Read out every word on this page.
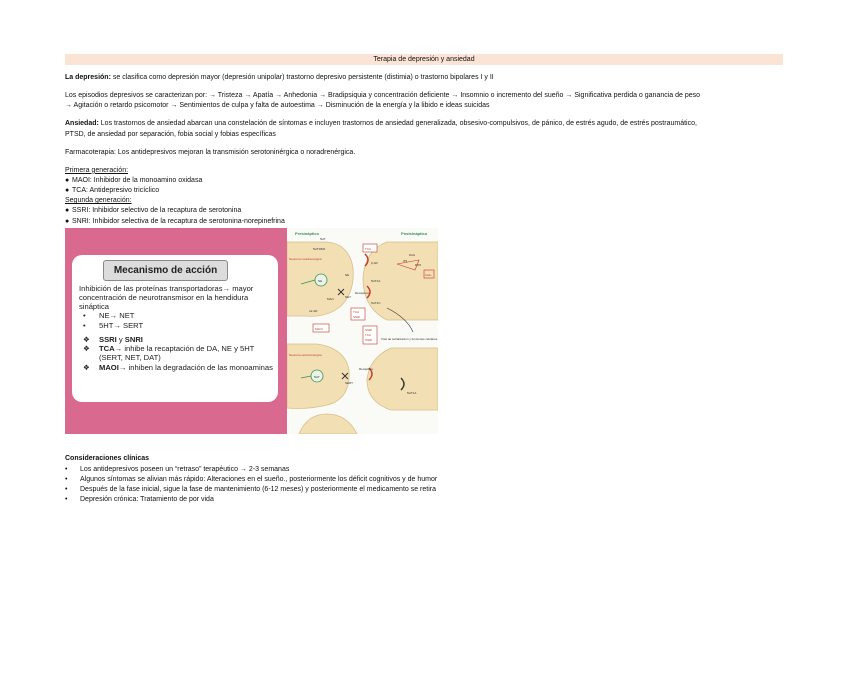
Terapia de depresión y ansiedad

La depresión: se clasifica como depresión mayor (depresión unipolar) trastorno depresivo persistente (distimia) o trastorno bipolares I y II

Los episodios depresivos se caracterizan por: → Tristeza → Apatía → Anhedonia → Bradipsiquia y concentración deficiente → Insomnio o incremento del sueño → Significativa perdida o ganancia de peso
→ Agitación o retardo psicomotor → Sentimientos de culpa y falta de autoestima → Disminución de la energía y la libido e ideas suicidas

Ansiedad: Los trastornos de ansiedad abarcan una constelación de síntomas e incluyen trastornos de ansiedad generalizada, obsesivo-compulsivos, de pánico, de estrés agudo, de estrés postraumático,
PTSD, de ansiedad por separación, fobia social y fobias específicas

Farmacoterapia: Los antidepresivos mejoran la transmisión serotoninérgica o noradrenérgica.

Primera generación:
● MAOI: Inhibidor de la monoamino oxidasa
● TCA: Antidepresivo tricíclico
Segunda generación:
● SSRI: Inhibidor selectivo de la recaptura de serotonina
● SNRI: Inhibidor selectiva de la recaptura de serotonina-norepinefrina
Mecanismo de acción
Inhibición de las proteínas transportadoras→ mayor concentración de neurotransmisor en la hendidura sináptica
•	NE→ NET
•	5HT→ SERT
❖	SSRI y SNRI
❖	TCA→ inhibe la recaptación de DA, NE y 5HT (SERT, NET, DAT)
❖	MAOI→ inhiben la degradación de las monoaminas
Presináptico	Postsináptico
Neurona noradrenérgica
Neurona serotoninérgica
Recaptura
Recaptura
Vías de señalización y funciones celulares
5HT
5HT1B/D	TCA
NE
α2 AR
MAO	NET
TCA
SNRI
MAOI	SSRI
TCA
SNRI
SERT
5HT
β AR
5HT2A
5HT2C
NE
5HT1A
Ca2+
IP3
DAG
PIP2
Consideraciones clínicas
•	Los antidepresivos poseen un “retraso” terapéutico → 2-3 semanas
•	Algunos síntomas se alivian más rápido: Alteraciones en el sueño., posteriormente los déficit cognitivos y de humor
•	Después de la fase inicial, sigue la fase de mantenimiento (6-12 meses) y posteriormente el medicamento se retira
•	Depresión crónica: Tratamiento de por vida
